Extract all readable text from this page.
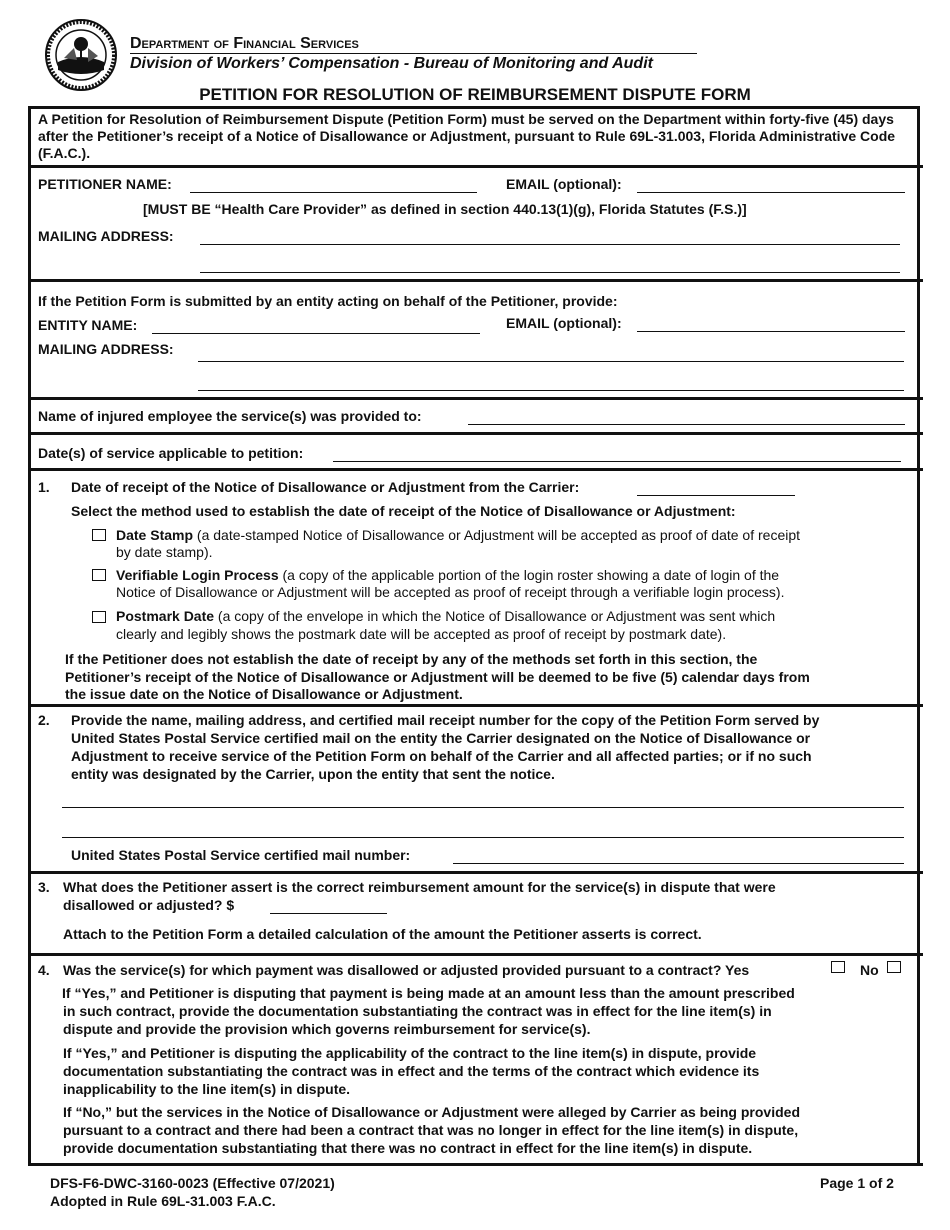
Department of Financial Services
Division of Workers’ Compensation - Bureau of Monitoring and Audit
PETITION FOR RESOLUTION OF REIMBURSEMENT DISPUTE FORM
A Petition for Resolution of Reimbursement Dispute (Petition Form) must be served on the Department within forty-five (45) days after the Petitioner’s receipt of a Notice of Disallowance or Adjustment, pursuant to Rule 69L-31.003, Florida Administrative Code (F.A.C.).
PETITIONER NAME:	EMAIL (optional):
[MUST BE “Health Care Provider” as defined in section 440.13(1)(g), Florida Statutes (F.S.)]
MAILING ADDRESS:
If the Petition Form is submitted by an entity acting on behalf of the Petitioner, provide:
ENTITY NAME:	EMAIL (optional):
MAILING ADDRESS:
Name of injured employee the service(s) was provided to:
Date(s) of service applicable to petition:
1. Date of receipt of the Notice of Disallowance or Adjustment from the Carrier:
Select the method used to establish the date of receipt of the Notice of Disallowance or Adjustment:
Date Stamp (a date-stamped Notice of Disallowance or Adjustment will be accepted as proof of date of receipt
by date stamp).
Verifiable Login Process (a copy of the applicable portion of the login roster showing a date of login of the
Notice of Disallowance or Adjustment will be accepted as proof of receipt through a verifiable login process).
Postmark Date (a copy of the envelope in which the Notice of Disallowance or Adjustment was sent which
clearly and legibly shows the postmark date will be accepted as proof of receipt by postmark date).
If the Petitioner does not establish the date of receipt by any of the methods set forth in this section, the
Petitioner’s receipt of the Notice of Disallowance or Adjustment will be deemed to be five (5) calendar days from
the issue date on the Notice of Disallowance or Adjustment.
2. Provide the name, mailing address, and certified mail receipt number for the copy of the Petition Form served by
United States Postal Service certified mail on the entity the Carrier designated on the Notice of Disallowance or
Adjustment to receive service of the Petition Form on behalf of the Carrier and all affected parties; or if no such
entity was designated by the Carrier, upon the entity that sent the notice.
United States Postal Service certified mail number:
3. What does the Petitioner assert is the correct reimbursement amount for the service(s) in dispute that were
disallowed or adjusted? $
Attach to the Petition Form a detailed calculation of the amount the Petitioner asserts is correct.
4. Was the service(s) for which payment was disallowed or adjusted provided pursuant to a contract? Yes	No
If “Yes,” and Petitioner is disputing that payment is being made at an amount less than the amount prescribed
in such contract, provide the documentation substantiating the contract was in effect for the line item(s) in
dispute and provide the provision which governs reimbursement for service(s).
If “Yes,” and Petitioner is disputing the applicability of the contract to the line item(s) in dispute, provide
documentation substantiating the contract was in effect and the terms of the contract which evidence its
inapplicability to the line item(s) in dispute.
If “No,” but the services in the Notice of Disallowance or Adjustment were alleged by Carrier as being provided
pursuant to a contract and there had been a contract that was no longer in effect for the line item(s) in dispute,
provide documentation substantiating that there was no contract in effect for the line item(s) in dispute.
DFS-F6-DWC-3160-0023 (Effective 07/2021)
Adopted in Rule 69L-31.003 F.A.C.
Page 1 of 2
